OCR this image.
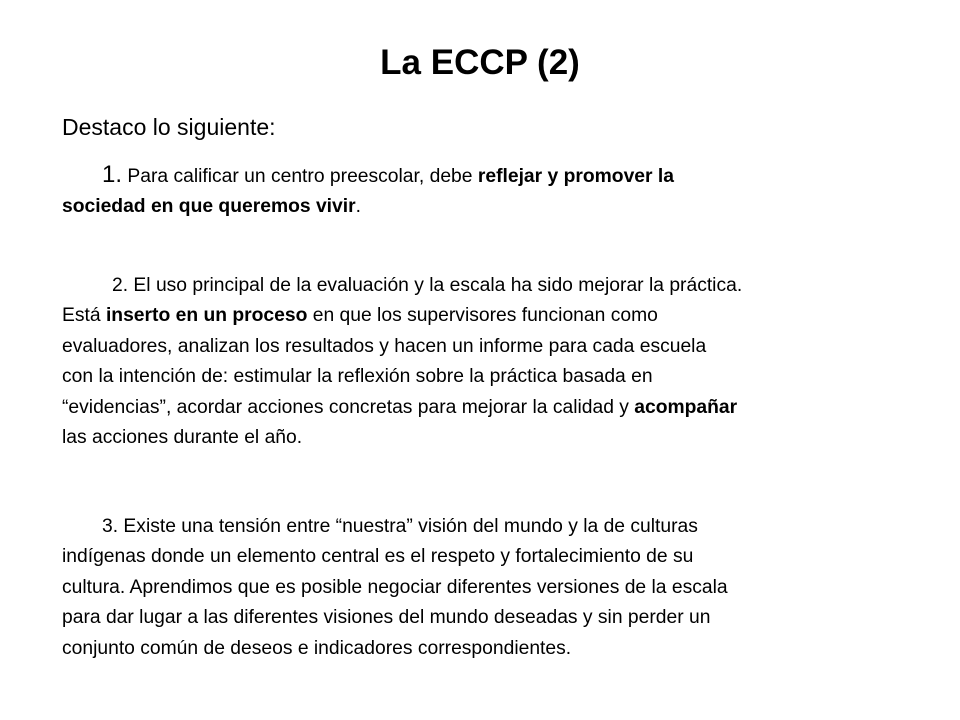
La ECCP (2)
Destaco lo siguiente:
1. Para calificar un centro preescolar, debe reflejar y promover la
sociedad en que queremos vivir.
2. El uso principal de la evaluación y la escala ha sido mejorar la práctica.
Está inserto en un proceso en que los supervisores funcionan como
evaluadores, analizan los resultados y hacen un informe para cada escuela
con la intención de: estimular la reflexión sobre la práctica basada en
“evidencias”, acordar acciones concretas para mejorar la calidad y acompañar
las acciones durante el año.
3. Existe una tensión entre “nuestra” visión del mundo y la de culturas
indígenas donde un elemento central es el respeto y fortalecimiento de su
cultura. Aprendimos que es posible negociar diferentes versiones de la escala
para dar lugar a las diferentes visiones del mundo deseadas y sin perder un
conjunto común de deseos e indicadores correspondientes.
